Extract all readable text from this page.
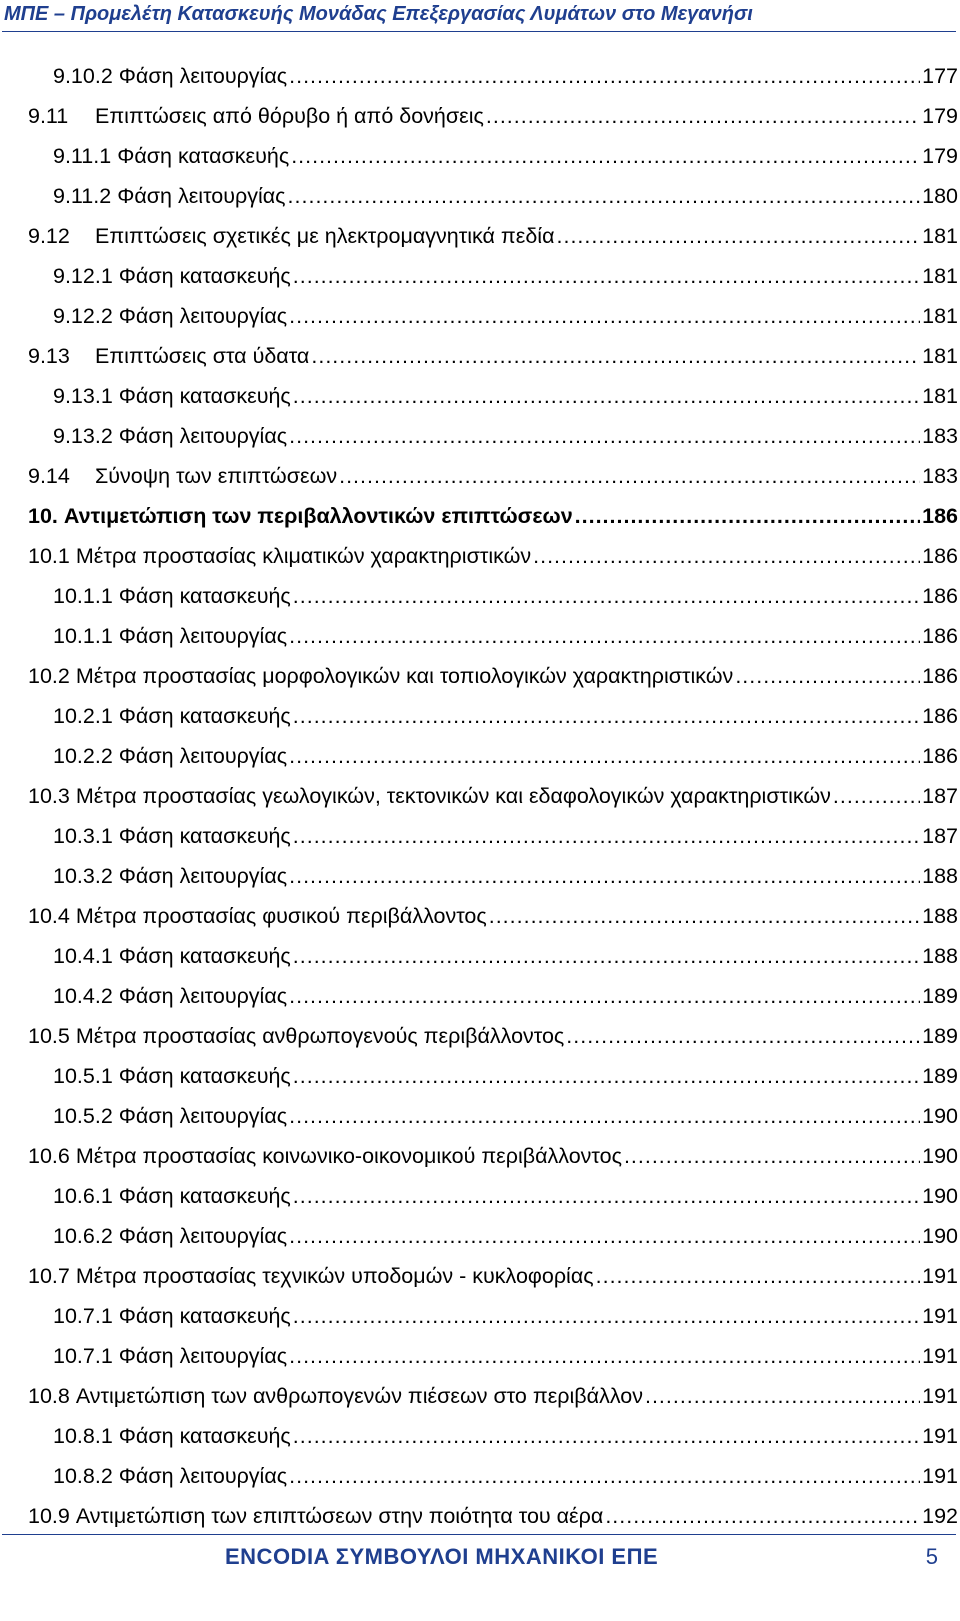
ΜΠΕ – Προμελέτη Κατασκευής Μονάδας Επεξεργασίας Λυμάτων στο Μεγανήσι
9.10.2 Φάση λειτουργίας .....	177
9.11	Επιπτώσεις από θόρυβο ή από δονήσεις .....	179
9.11.1 Φάση κατασκευής .....	179
9.11.2 Φάση λειτουργίας .....	180
9.12	Επιπτώσεις σχετικές με ηλεκτρομαγνητικά πεδία .....	181
9.12.1 Φάση κατασκευής .....	181
9.12.2 Φάση λειτουργίας .....	181
9.13	Επιπτώσεις στα ύδατα .....	181
9.13.1 Φάση κατασκευής .....	181
9.13.2 Φάση λειτουργίας .....	183
9.14	Σύνοψη των επιπτώσεων .....	183
10. Αντιμετώπιση των περιβαλλοντικών επιπτώσεων .....	186
10.1 Μέτρα προστασίας κλιματικών χαρακτηριστικών .....	186
10.1.1 Φάση κατασκευής .....	186
10.1.1 Φάση λειτουργίας .....	186
10.2 Μέτρα προστασίας μορφολογικών και τοπιολογικών χαρακτηριστικών .....	186
10.2.1 Φάση κατασκευής .....	186
10.2.2 Φάση λειτουργίας .....	186
10.3 Μέτρα προστασίας γεωλογικών, τεκτονικών και εδαφολογικών χαρακτηριστικών .....	187
10.3.1 Φάση κατασκευής .....	187
10.3.2 Φάση λειτουργίας .....	188
10.4 Μέτρα προστασίας φυσικού περιβάλλοντος .....	188
10.4.1 Φάση κατασκευής .....	188
10.4.2 Φάση λειτουργίας .....	189
10.5 Μέτρα προστασίας ανθρωπογενούς περιβάλλοντος .....	189
10.5.1 Φάση κατασκευής .....	189
10.5.2 Φάση λειτουργίας .....	190
10.6 Μέτρα προστασίας κοινωνικο-οικονομικού περιβάλλοντος .....	190
10.6.1 Φάση κατασκευής .....	190
10.6.2 Φάση λειτουργίας .....	190
10.7 Μέτρα προστασίας τεχνικών υποδομών - κυκλοφορίας .....	191
10.7.1 Φάση κατασκευής .....	191
10.7.1 Φάση λειτουργίας .....	191
10.8 Αντιμετώπιση των ανθρωπογενών πιέσεων στο περιβάλλον .....	191
10.8.1 Φάση κατασκευής .....	191
10.8.2 Φάση λειτουργίας .....	191
10.9 Αντιμετώπιση των επιπτώσεων στην ποιότητα του αέρα .....	192
ENCODIA ΣΥΜΒΟΥΛΟΙ ΜΗΧΑΝΙΚΟΙ ΕΠΕ	5
